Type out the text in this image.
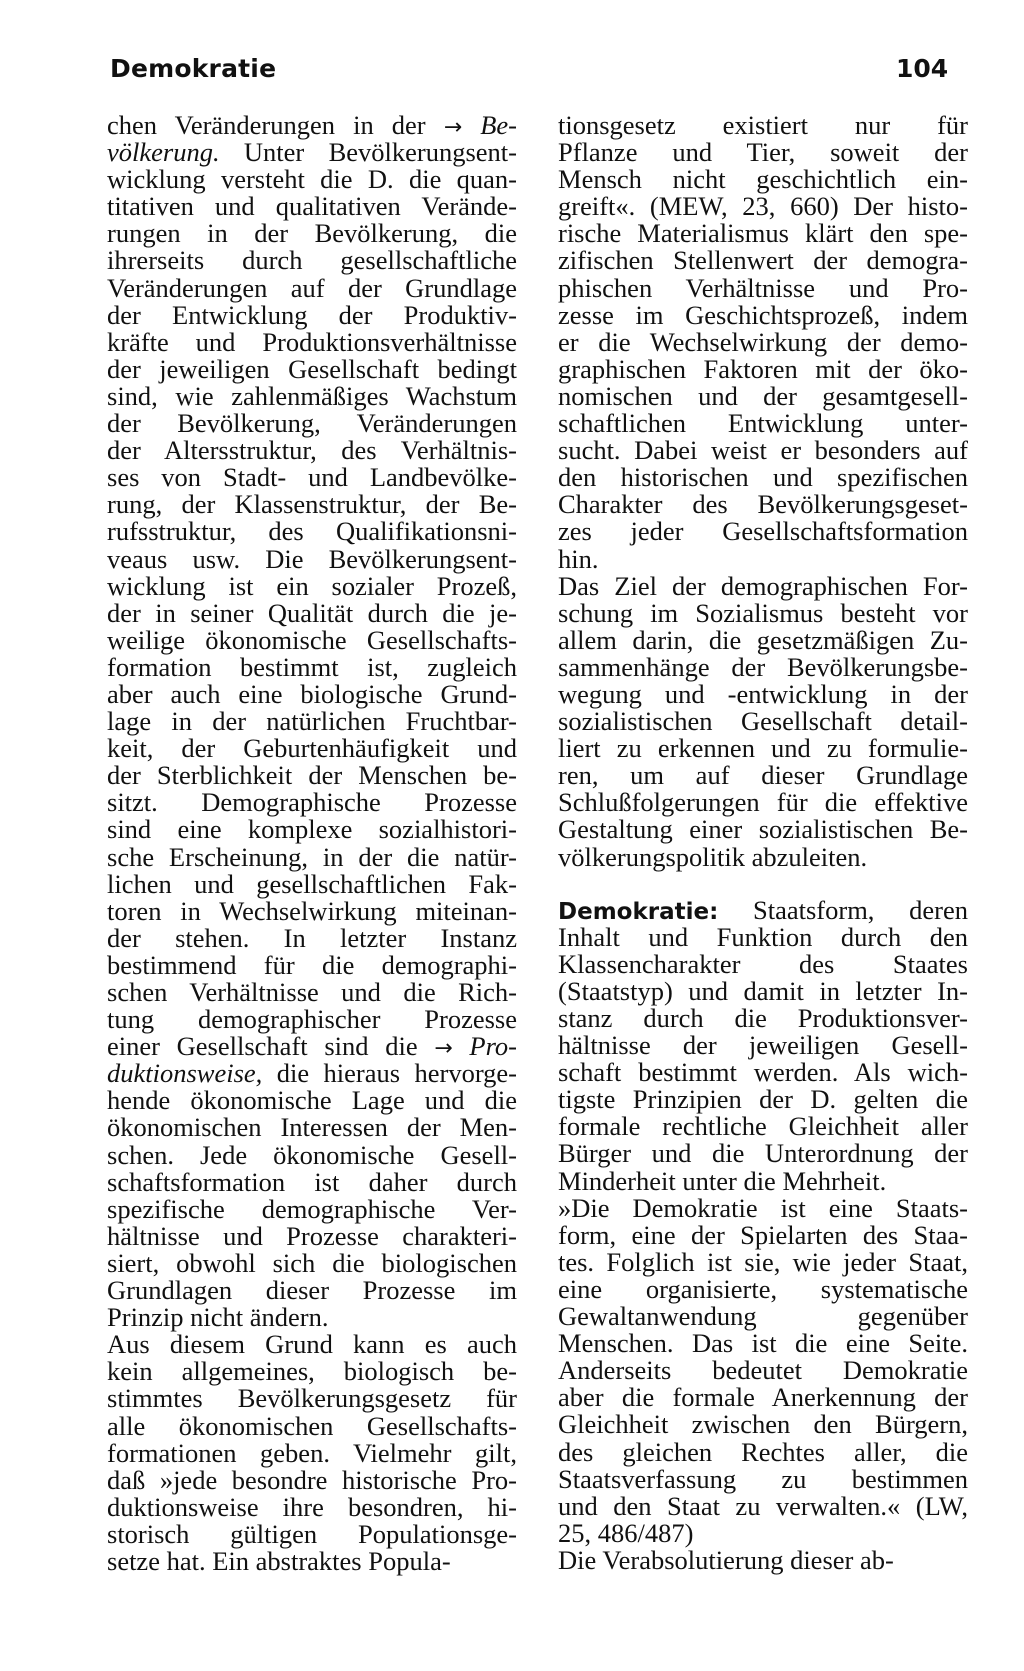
Demokratie	104
chen Veränderungen in der → Be-
völkerung. Unter Bevölkerungsent-
wicklung versteht die D. die quan-
titativen und qualitativen Verände-
rungen in der Bevölkerung, die
ihrerseits durch gesellschaftliche
Veränderungen auf der Grundlage
der Entwicklung der Produktiv-
kräfte und Produktionsverhältnisse
der jeweiligen Gesellschaft bedingt
sind, wie zahlenmäßiges Wachstum
der Bevölkerung, Veränderungen
der Altersstruktur, des Verhältnis-
ses von Stadt- und Landbevölke-
rung, der Klassenstruktur, der Be-
rufsstruktur, des Qualifikationsni-
veaus usw. Die Bevölkerungsent-
wicklung ist ein sozialer Prozeß,
der in seiner Qualität durch die je-
weilige ökonomische Gesellschafts-
formation bestimmt ist, zugleich
aber auch eine biologische Grund-
lage in der natürlichen Fruchtbar-
keit, der Geburtenhäufigkeit und
der Sterblichkeit der Menschen be-
sitzt. Demographische Prozesse
sind eine komplexe sozialhistori-
sche Erscheinung, in der die natür-
lichen und gesellschaftlichen Fak-
toren in Wechselwirkung miteinan-
der stehen. In letzter Instanz
bestimmend für die demographi-
schen Verhältnisse und die Rich-
tung demographischer Prozesse
einer Gesellschaft sind die → Pro-
duktionsweise, die hieraus hervorge-
hende ökonomische Lage und die
ökonomischen Interessen der Men-
schen. Jede ökonomische Gesell-
schaftsformation ist daher durch
spezifische demographische Ver-
hältnisse und Prozesse charakteri-
siert, obwohl sich die biologischen
Grundlagen dieser Prozesse im
Prinzip nicht ändern.
Aus diesem Grund kann es auch
kein allgemeines, biologisch be-
stimmtes Bevölkerungsgesetz für
alle ökonomischen Gesellschafts-
formationen geben. Vielmehr gilt,
daß »jede besondre historische Pro-
duktionsweise ihre besondren, hi-
storisch gültigen Populationsge-
setze hat. Ein abstraktes Popula-
tionsgesetz existiert nur für
Pflanze und Tier, soweit der
Mensch nicht geschichtlich ein-
greift«. (MEW, 23, 660) Der histo-
rische Materialismus klärt den spe-
zifischen Stellenwert der demogra-
phischen Verhältnisse und Pro-
zesse im Geschichtsprozeß, indem
er die Wechselwirkung der demo-
graphischen Faktoren mit der öko-
nomischen und der gesamtgesell-
schaftlichen Entwicklung unter-
sucht. Dabei weist er besonders auf
den historischen und spezifischen
Charakter des Bevölkerungsgeset-
zes jeder Gesellschaftsformation
hin.
Das Ziel der demographischen For-
schung im Sozialismus besteht vor
allem darin, die gesetzmäßigen Zu-
sammenhänge der Bevölkerungsbe-
wegung und -entwicklung in der
sozialistischen Gesellschaft detail-
liert zu erkennen und zu formulie-
ren, um auf dieser Grundlage
Schlußfolgerungen für die effektive
Gestaltung einer sozialistischen Be-
völkerungspolitik abzuleiten.
Demokratie: Staatsform, deren
Inhalt und Funktion durch den
Klassencharakter des Staates
(Staatstyp) und damit in letzter In-
stanz durch die Produktionsver-
hältnisse der jeweiligen Gesell-
schaft bestimmt werden. Als wich-
tigste Prinzipien der D. gelten die
formale rechtliche Gleichheit aller
Bürger und die Unterordnung der
Minderheit unter die Mehrheit.
»Die Demokratie ist eine Staats-
form, eine der Spielarten des Staa-
tes. Folglich ist sie, wie jeder Staat,
eine organisierte, systematische
Gewaltanwendung gegenüber
Menschen. Das ist die eine Seite.
Anderseits bedeutet Demokratie
aber die formale Anerkennung der
Gleichheit zwischen den Bürgern,
des gleichen Rechtes aller, die
Staatsverfassung zu bestimmen
und den Staat zu verwalten.« (LW,
25, 486/487)
Die Verabsolutierung dieser ab-
